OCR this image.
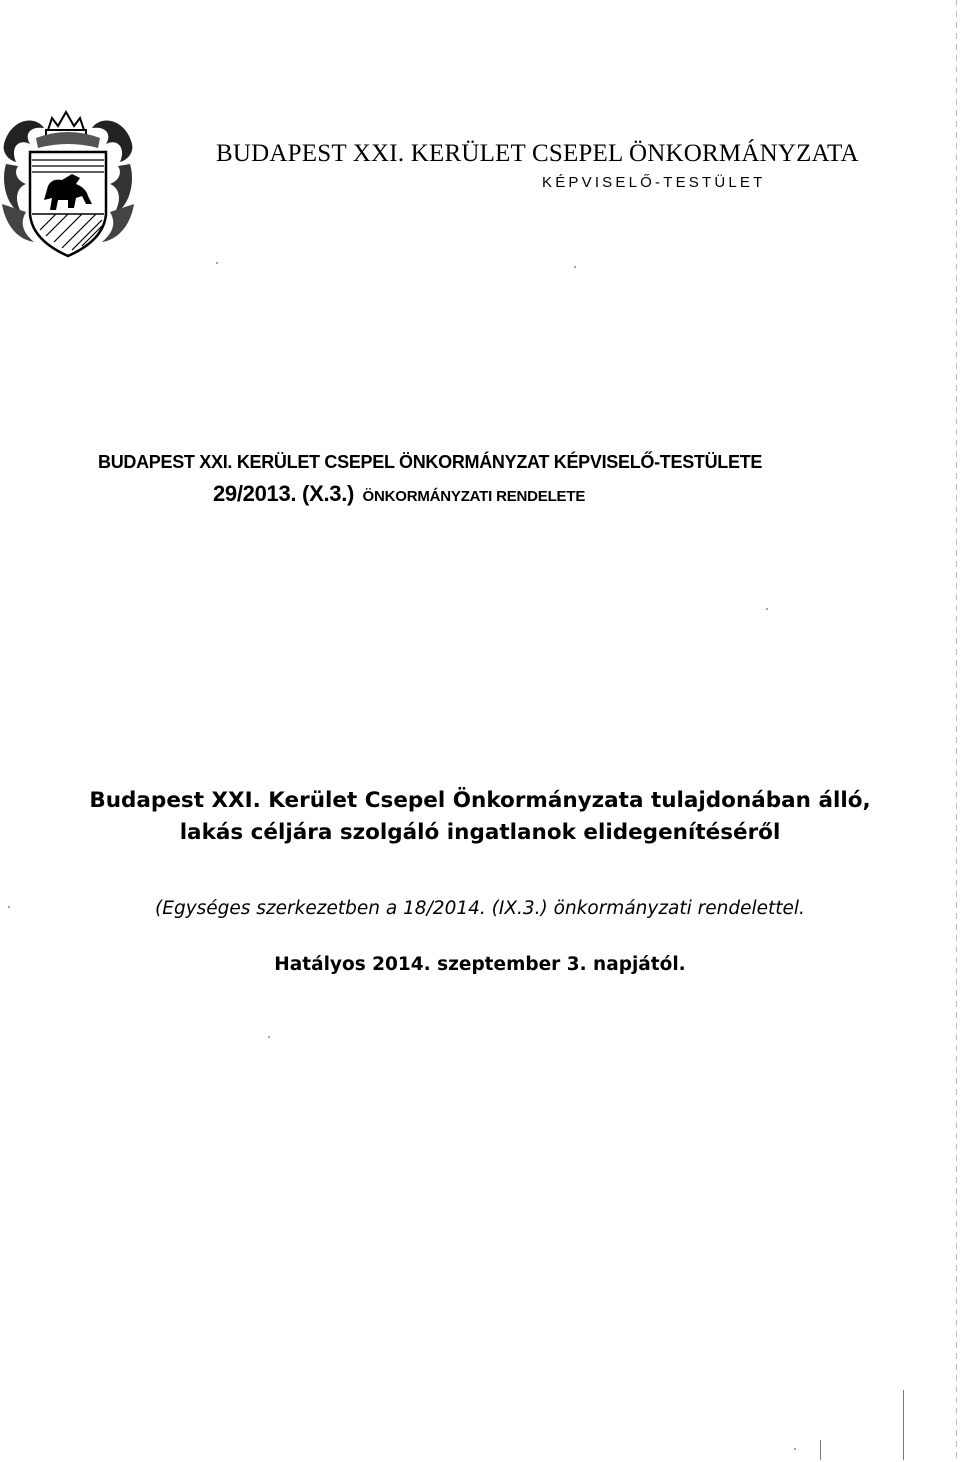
BUDAPEST XXI. KERÜLET CSEPEL ÖNKORMÁNYZATA
KÉPVISELŐ-TESTÜLET
BUDAPEST XXI. KERÜLET CSEPEL ÖNKORMÁNYZAT KÉPVISELŐ-TESTÜLETE
29/2013. (X.3.) ÖNKORMÁNYZATI RENDELETE
Budapest XXI. Kerület Csepel Önkormányzata tulajdonában álló,
lakás céljára szolgáló ingatlanok elidegenítéséről
(Egységes szerkezetben a 18/2014. (IX.3.) önkormányzati rendelettel.
Hatályos 2014. szeptember 3. napjától.
